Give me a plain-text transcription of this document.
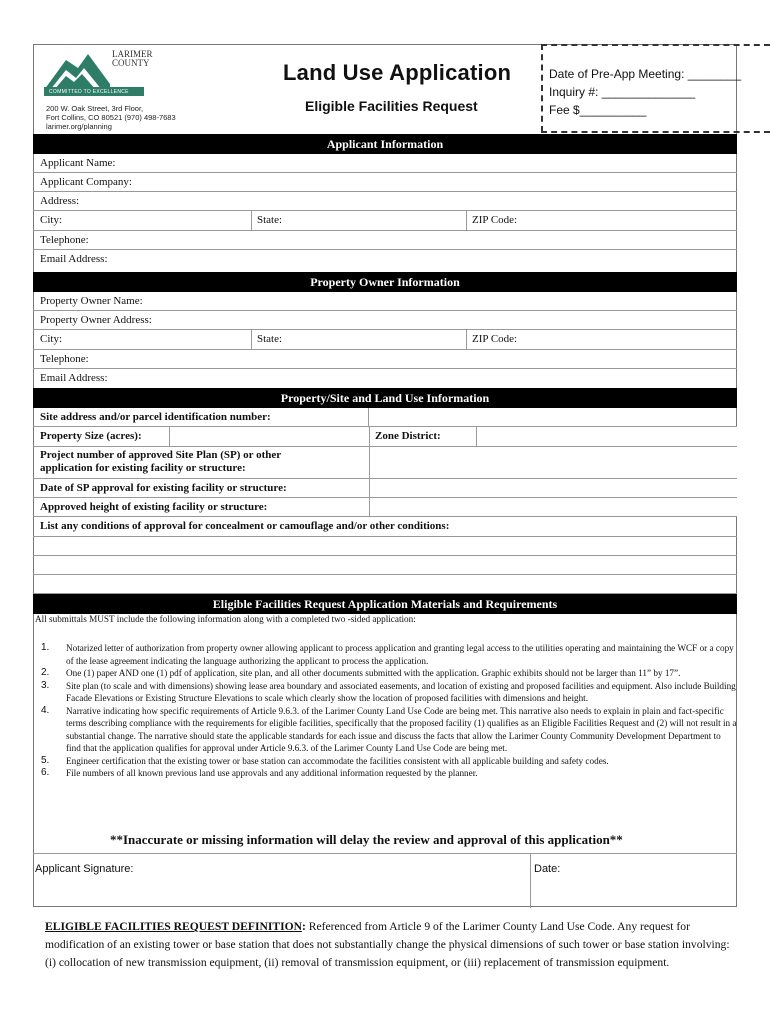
LARIMER
COUNTY
COMMITTED TO EXCELLENCE
200 W. Oak Street, 3rd Floor,
Fort Collins, CO 80521 (970) 498-7683
larimer.org/planning
Land Use Application
Eligible Facilities Request
Date of Pre-App Meeting: ________
Inquiry #: ______________
Fee $__________
Applicant Information
Applicant Name:
Applicant Company:
Address:
City:	State:	ZIP Code:
Telephone:
Email Address:
Property Owner Information
Property Owner Name:
Property Owner Address:
City:	State:	ZIP Code:
Telephone:
Email Address:
Property/Site and Land Use Information
Site address and/or parcel identification number:
Property Size (acres):	Zone District:
Project number of approved Site Plan (SP) or other
application for existing facility or structure:
Date of SP approval for existing facility or structure:
Approved height of existing facility or structure:
List any conditions of approval for concealment or camouflage and/or other conditions:
Eligible Facilities Request Application Materials and Requirements
All submittals MUST include the following information along with a completed two -sided application:
1. Notarized letter of authorization from property owner allowing applicant to process application and granting legal access to the utilities operating and maintaining the WCF or a copy of the lease agreement indicating the language authorizing the applicant to process the application.
2. One (1) paper AND one (1) pdf of application, site plan, and all other documents submitted with the application. Graphic exhibits should not be larger than 11” by 17”.
3. Site plan (to scale and with dimensions) showing lease area boundary and associated easements, and location of existing and proposed facilities and equipment. Also include Building Facade Elevations or Existing Structure Elevations to scale which clearly show the location of proposed facilities with dimensions and height.
4. Narrative indicating how specific requirements of Article 9.6.3. of the Larimer County Land Use Code are being met. This narrative also needs to explain in plain and fact-specific terms describing compliance with the requirements for eligible facilities, specifically that the proposed facility (1) qualifies as an Eligible Facilities Request and (2) will not result in a substantial change. The narrative should state the applicable standards for each issue and discuss the facts that allow the Larimer County Community Development Department to find that the application qualifies for approval under Article 9.6.3. of the Larimer County Land Use Code are being met.
5. Engineer certification that the existing tower or base station can accommodate the facilities consistent with all applicable building and safety codes.
6. File numbers of all known previous land use approvals and any additional information requested by the planner.
**Inaccurate or missing information will delay the review and approval of this application**
Applicant Signature:	Date:
ELIGIBLE FACILITIES REQUEST DEFINITION: Referenced from Article 9 of the Larimer County Land Use Code. Any request for modification of an existing tower or base station that does not substantially change the physical dimensions of such tower or base station involving: (i) collocation of new transmission equipment, (ii) removal of transmission equipment, or (iii) replacement of transmission equipment.
